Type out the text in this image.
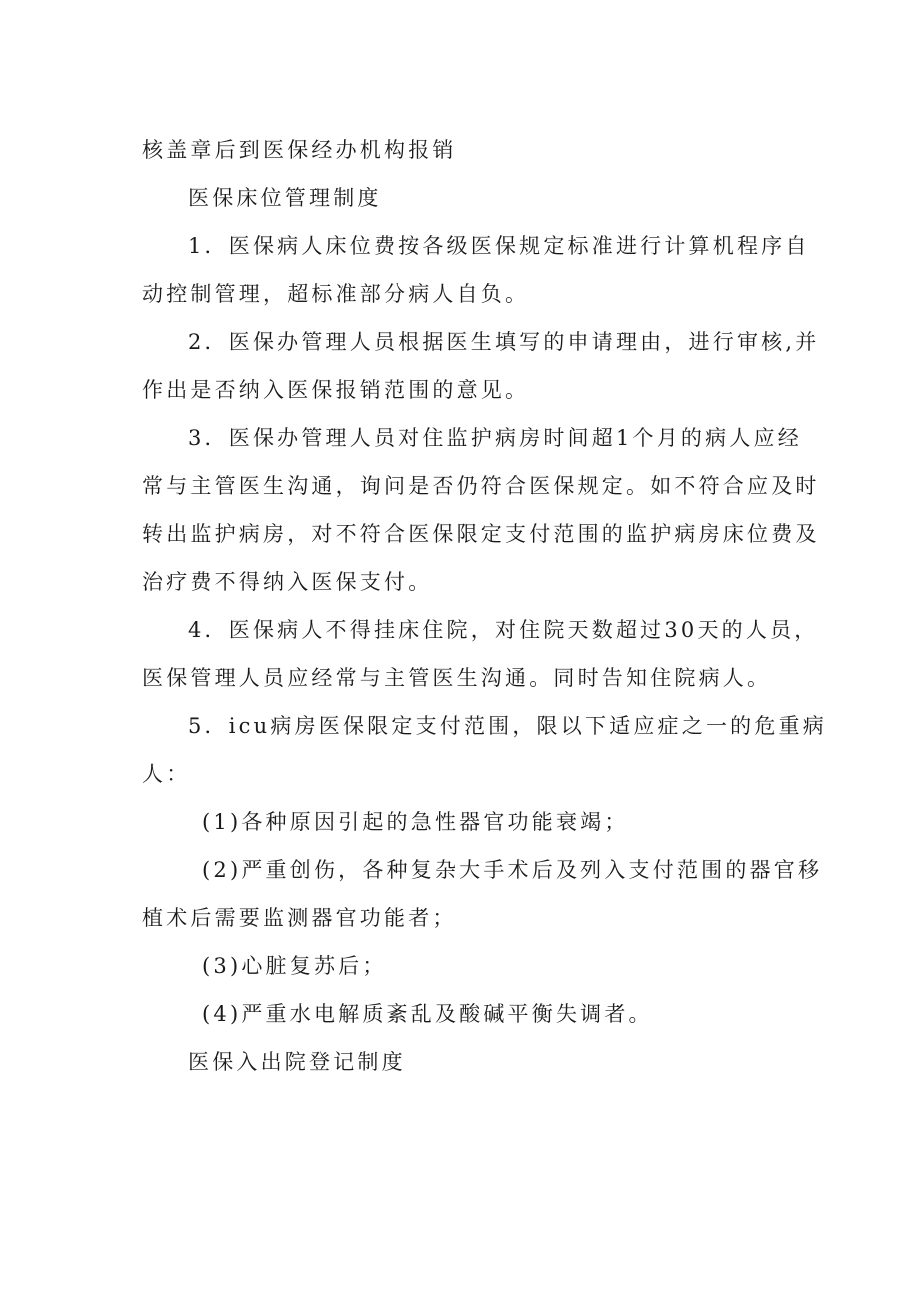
核盖章后到医保经办机构报销
医保床位管理制度
1．医保病人床位费按各级医保规定标准进行计算机程序自
动控制管理，超标准部分病人自负。
2．医保办管理人员根据医生填写的申请理由，进行审核,并
作出是否纳入医保报销范围的意见。
3．医保办管理人员对住监护病房时间超1个月的病人应经
常与主管医生沟通，询问是否仍符合医保规定。如不符合应及时
转出监护病房，对不符合医保限定支付范围的监护病房床位费及
治疗费不得纳入医保支付。
4．医保病人不得挂床住院，对住院天数超过30天的人员，
医保管理人员应经常与主管医生沟通。同时告知住院病人。
5．icu病房医保限定支付范围，限以下适应症之一的危重病
人：
(1)各种原因引起的急性器官功能衰竭；
(2)严重创伤，各种复杂大手术后及列入支付范围的器官移
植术后需要监测器官功能者；
(3)心脏复苏后；
(4)严重水电解质紊乱及酸碱平衡失调者。
医保入出院登记制度
